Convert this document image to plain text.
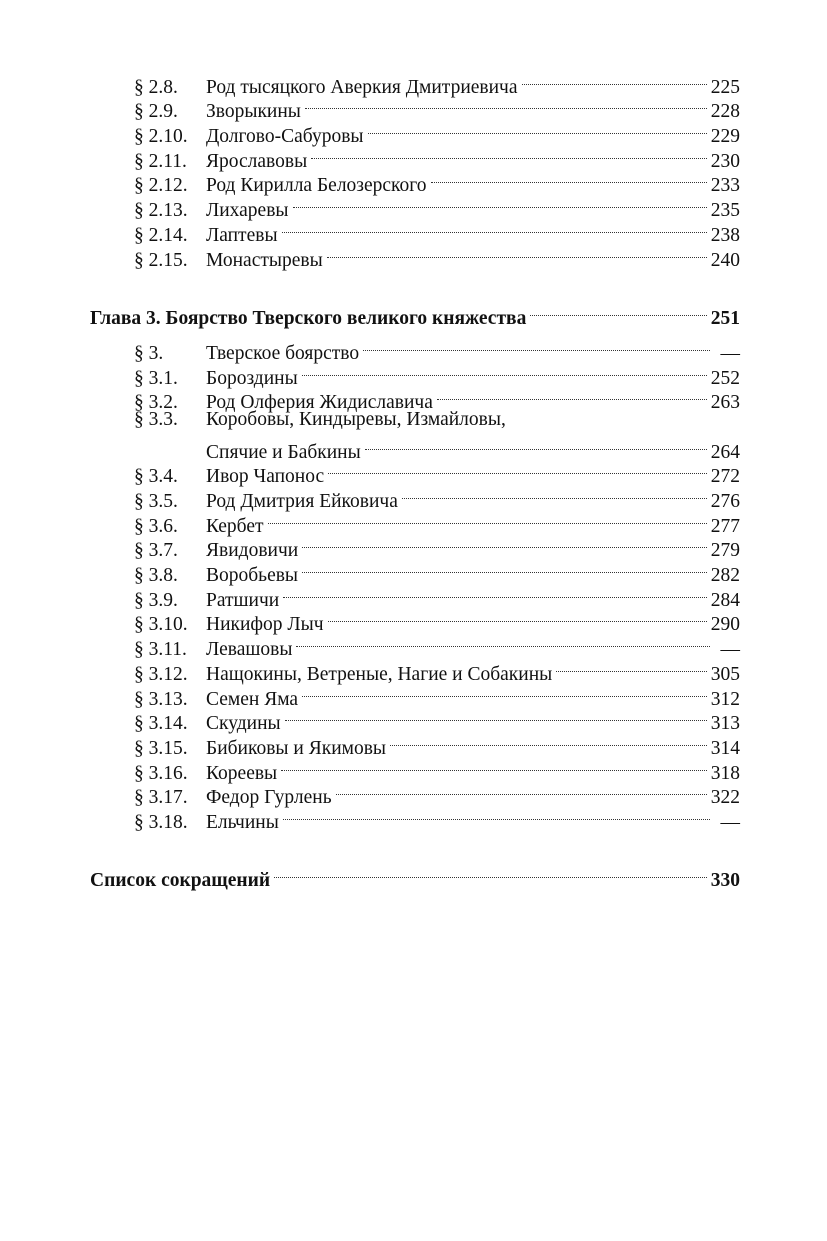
§ 2.8.	Род тысяцкого Аверкия Дмитриевича	225
§ 2.9.	Зворыкины	228
§ 2.10. Долгово-Сабуровы	229
§ 2.11. Ярославовы	230
§ 2.12. Род Кирилла Белозерского	233
§ 2.13. Лихаревы	235
§ 2.14. Лаптевы	238
§ 2.15. Монастыревы	240
Глава 3. Боярство Тверского великого княжества	251
§ 3.	Тверское боярство	—
§ 3.1.	Бороздины	252
§ 3.2.	Род Олферия Жидиславича	263
§ 3.3.	Коробовы, Киндыревы, Измайловы,
Спячие и Бабкины	264
§ 3.4.	Ивор Чапонос	272
§ 3.5.	Род Дмитрия Ейковича	276
§ 3.6.	Кербет	277
§ 3.7.	Явидовичи	279
§ 3.8.	Воробьевы	282
§ 3.9.	Ратшичи	284
§ 3.10. Никифор Лыч	290
§ 3.11. Левашовы	—
§ 3.12. Нащокины, Ветреные, Нагие и Собакины	305
§ 3.13. Семен Яма	312
§ 3.14. Скудины	313
§ 3.15. Бибиковы и Якимовы	314
§ 3.16. Кореевы	318
§ 3.17. Федор Гурлень	322
§ 3.18. Ельчины	—
Список сокращений	330
